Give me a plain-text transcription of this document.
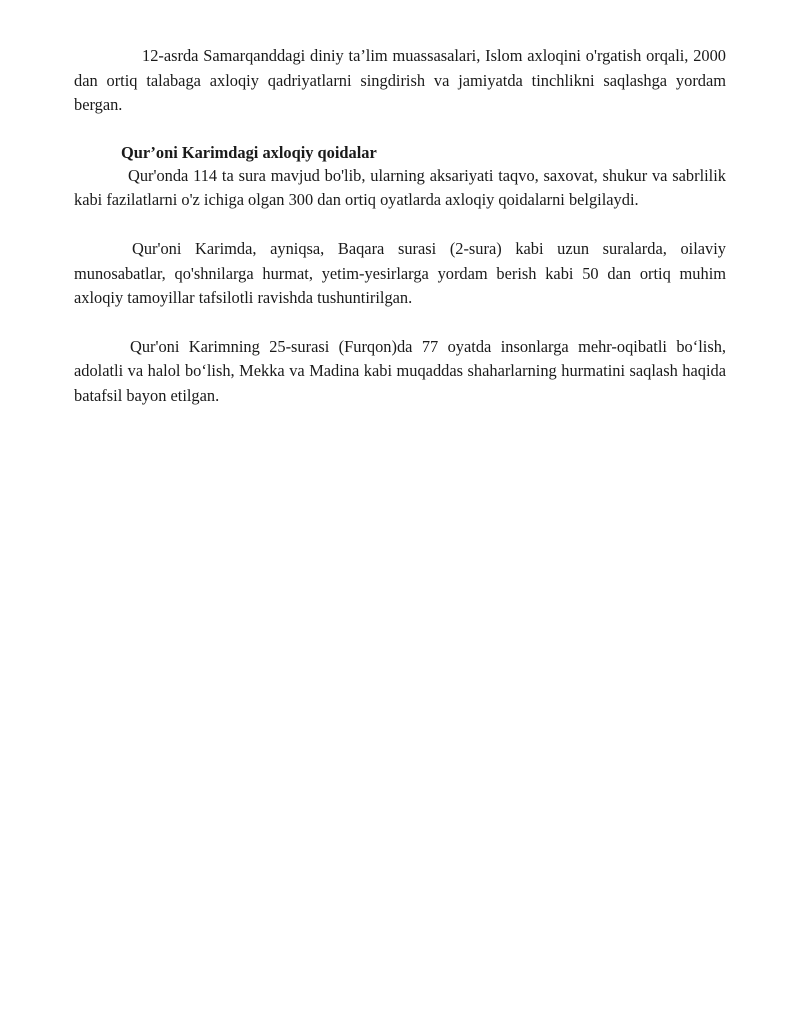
12-asrda Samarqanddagi diniy ta’lim muassasalari, Islom axloqini o'rgatish orqali, 2000 dan ortiq talabaga axloqiy qadriyatlarni singdirish va jamiyatda tinchlikni saqlashga yordam bergan.

Qur’oni Karimdagi axloqiy qoidalar

Qur'onda 114 ta sura mavjud bo'lib, ularning aksariyati taqvo, saxovat, shukur va sabrlilik kabi fazilatlarni o'z ichiga olgan 300 dan ortiq oyatlarda axloqiy qoidalarni belgilaydi.

Qur'oni Karimda, ayniqsa, Baqara surasi (2-sura) kabi uzun suralarda, oilaviy munosabatlar, qo'shnilarga hurmat, yetim-yesirlarga yordam berish kabi 50 dan ortiq muhim axloqiy tamoyillar tafsilotli ravishda tushuntirilgan.

Qur'oni Karimning 25-surasi (Furqon)da 77 oyatda insonlarga mehr-oqibatli bo‘lish, adolatli va halol bo‘lish, Mekka va Madina kabi muqaddas shaharlarning hurmatini saqlash haqida batafsil bayon etilgan.
